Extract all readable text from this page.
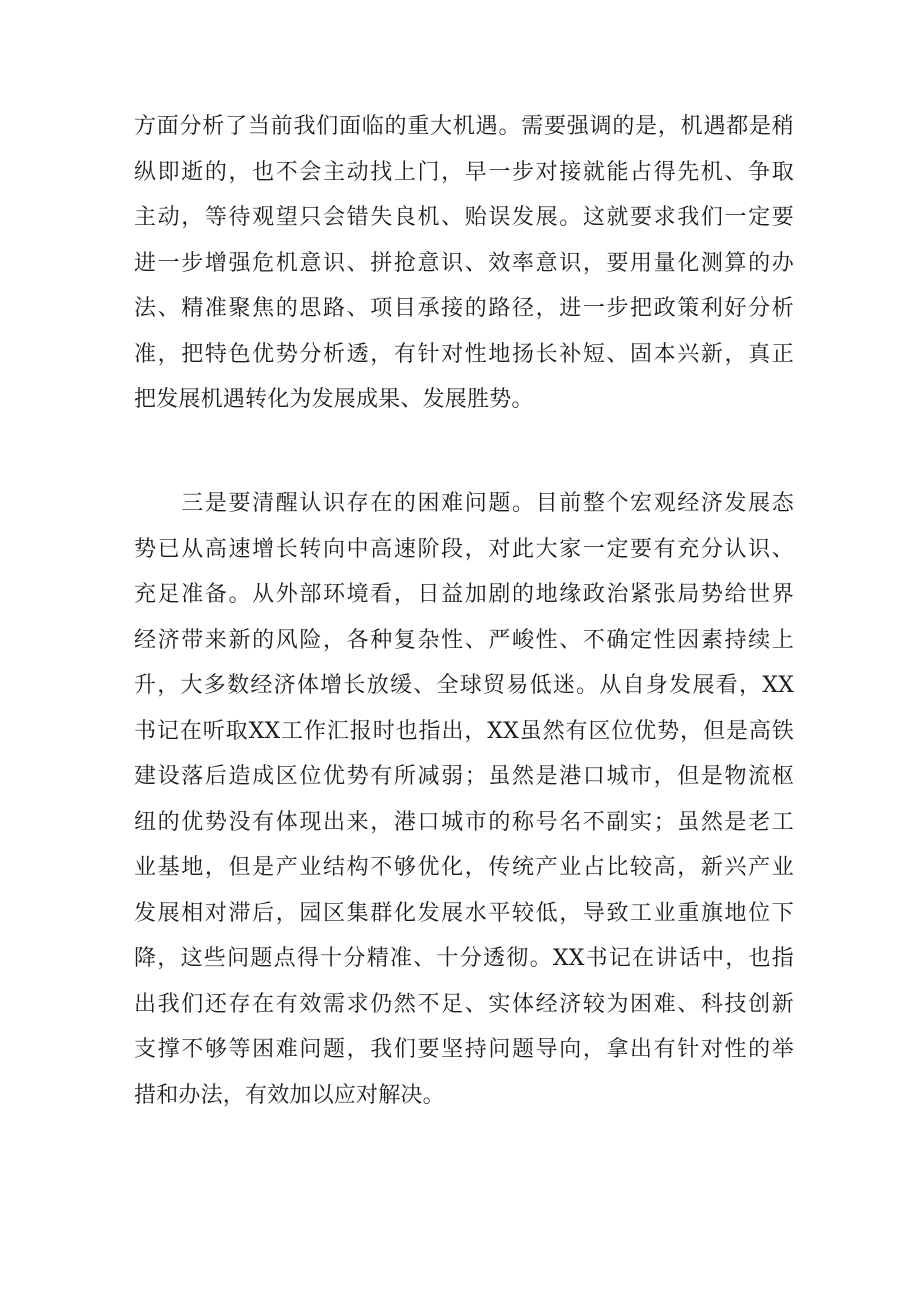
方面分析了当前我们面临的重大机遇。需要强调的是，机遇都是稍
纵即逝的，也不会主动找上门，早一步对接就能占得先机、争取
主动，等待观望只会错失良机、贻误发展。这就要求我们一定要
进一步增强危机意识、拼抢意识、效率意识，要用量化测算的办
法、精准聚焦的思路、项目承接的路径，进一步把政策利好分析
准，把特色优势分析透，有针对性地扬长补短、固本兴新，真正
把发展机遇转化为发展成果、发展胜势。
　　三是要清醒认识存在的困难问题。目前整个宏观经济发展态
势已从高速增长转向中高速阶段，对此大家一定要有充分认识、
充足准备。从外部环境看，日益加剧的地缘政治紧张局势给世界
经济带来新的风险，各种复杂性、严峻性、不确定性因素持续上
升，大多数经济体增长放缓、全球贸易低迷。从自身发展看，XX
书记在听取XX工作汇报时也指出，XX虽然有区位优势，但是高铁
建设落后造成区位优势有所减弱；虽然是港口城市，但是物流枢
纽的优势没有体现出来，港口城市的称号名不副实；虽然是老工
业基地，但是产业结构不够优化，传统产业占比较高，新兴产业
发展相对滞后，园区集群化发展水平较低，导致工业重旗地位下
降，这些问题点得十分精准、十分透彻。XX书记在讲话中，也指
出我们还存在有效需求仍然不足、实体经济较为困难、科技创新
支撑不够等困难问题，我们要坚持问题导向，拿出有针对性的举
措和办法，有效加以应对解决。
